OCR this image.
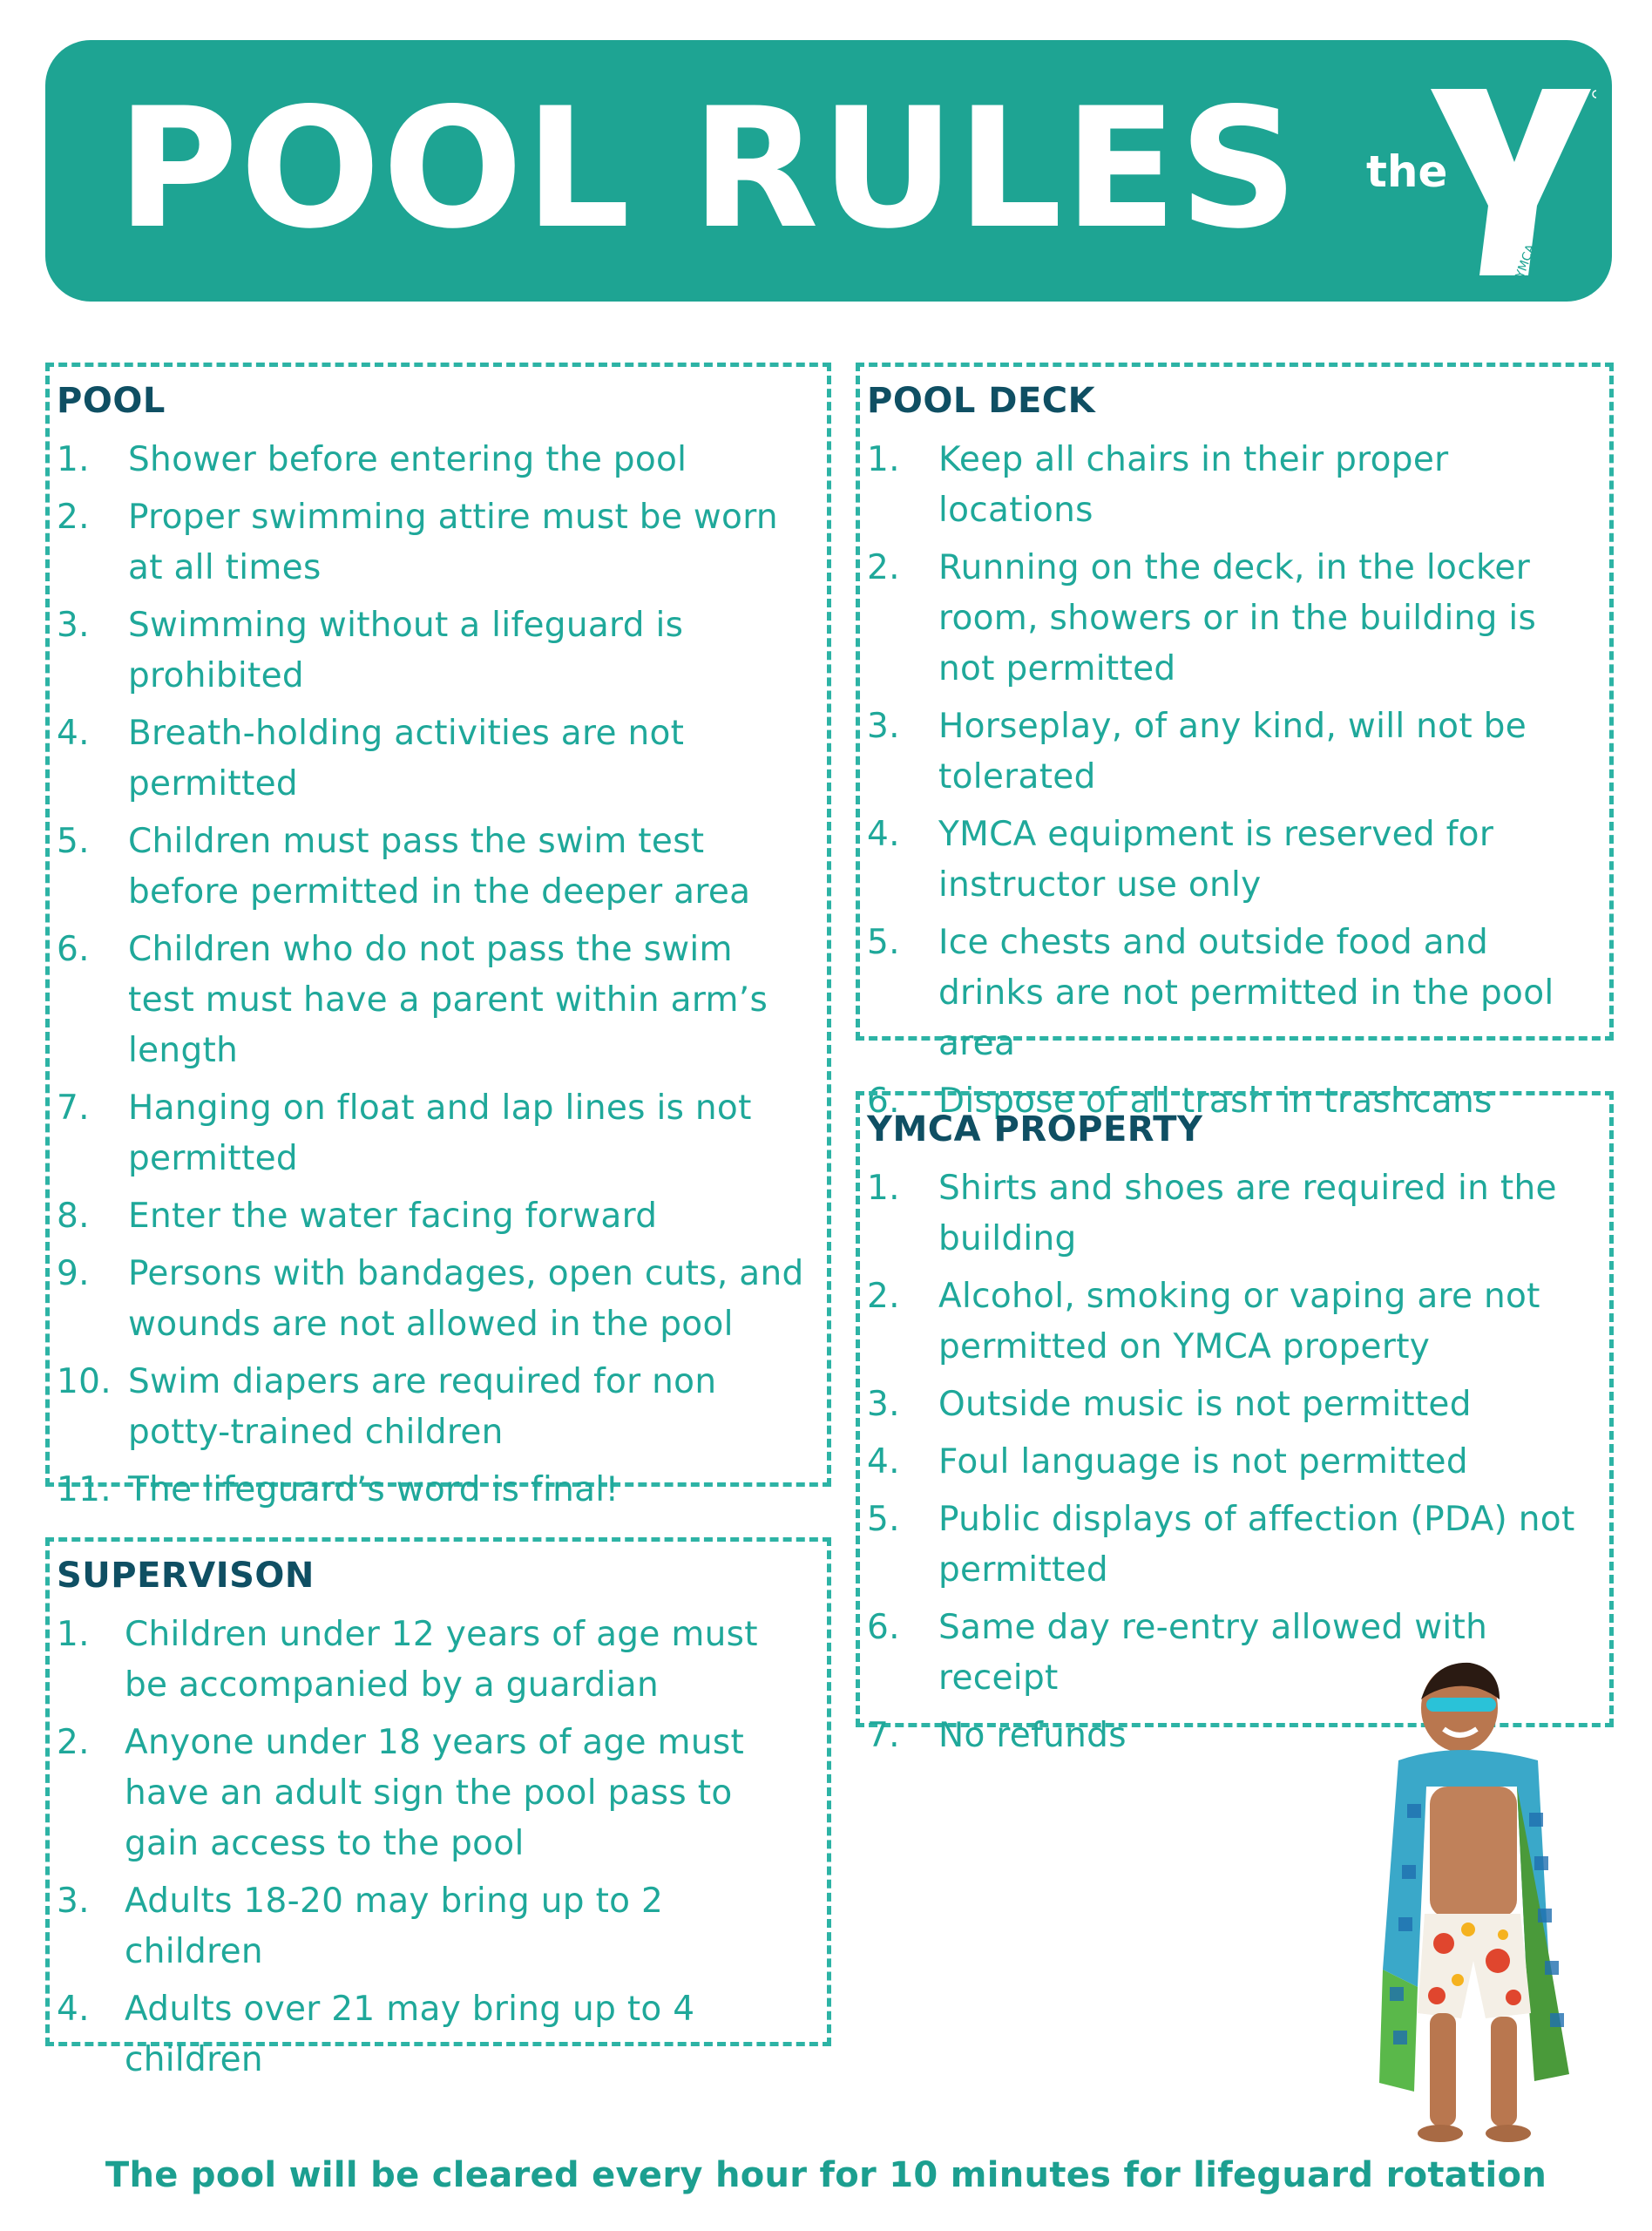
POOL RULES the
YMCA
POOL
1. Shower before entering the pool
2. Proper swimming attire must be worn at all times
3. Swimming without a lifeguard is prohibited
4. Breath-holding activities are not permitted
5. Children must pass the swim test before permitted in the deeper area
6. Children who do not pass the swim test must have a parent within arm’s length
7. Hanging on float and lap lines is not permitted
8. Enter the water facing forward
9. Persons with bandages, open cuts, and wounds are not allowed in the pool
10. Swim diapers are required for non potty-trained children
11. The lifeguard’s word is final!
SUPERVISON
1. Children under 12 years of age must be accompanied by a guardian
2. Anyone under 18 years of age must have an adult sign the pool pass to gain access to the pool
3. Adults 18-20 may bring up to 2 children
4. Adults over 21 may bring up to 4 children
POOL DECK
1. Keep all chairs in their proper locations
2. Running on the deck, in the locker room, showers or in the building is not permitted
3. Horseplay, of any kind, will not be tolerated
4. YMCA equipment is reserved for instructor use only
5. Ice chests and outside food and drinks are not permitted in the pool area
6. Dispose of all trash in trashcans
YMCA PROPERTY
1. Shirts and shoes are required in the building
2. Alcohol, smoking or vaping are not permitted on YMCA property
3. Outside music is not permitted
4. Foul language is not permitted
5. Public displays of affection (PDA) not permitted
6. Same day re-entry allowed with receipt
7. No refunds
The pool will be cleared every hour for 10 minutes for lifeguard rotation
